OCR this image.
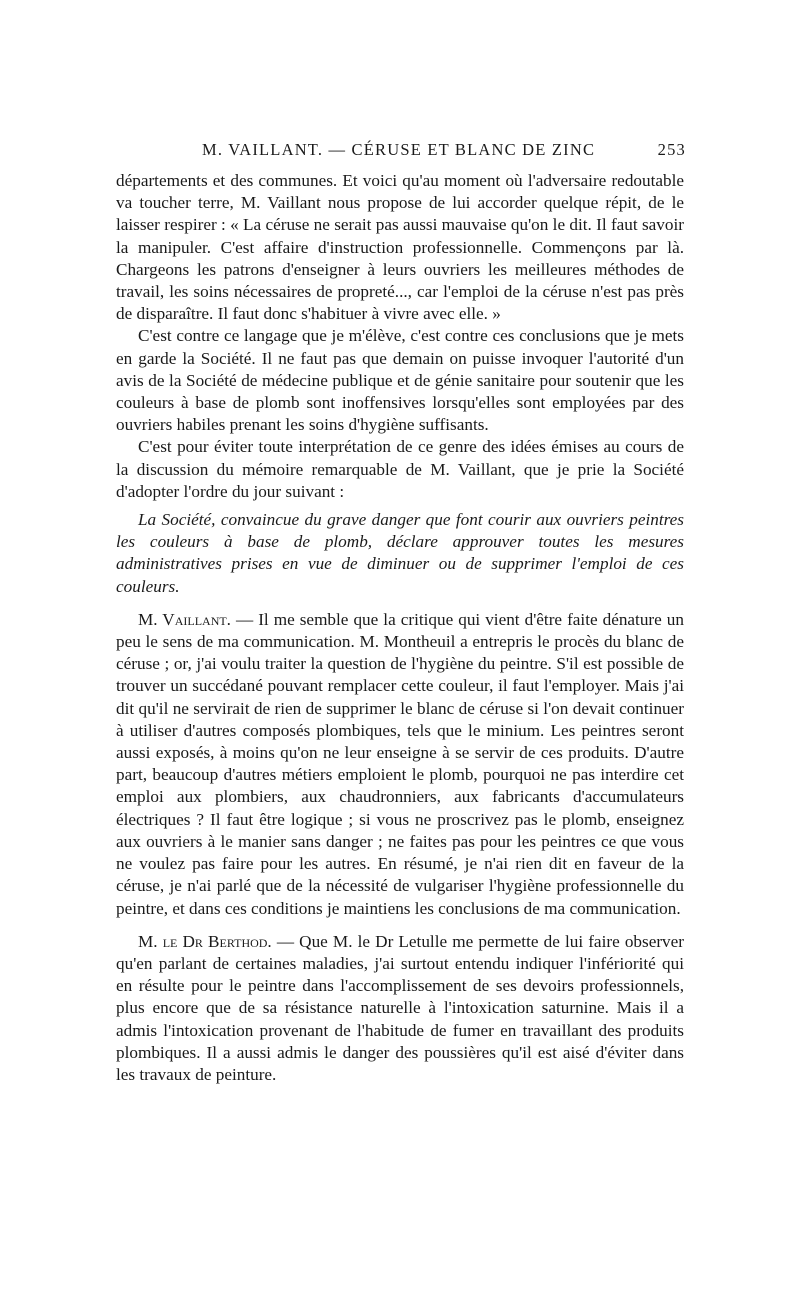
M. VAILLANT. — CÉRUSE ET BLANC DE ZINC	253

départements et des communes. Et voici qu'au moment où l'adversaire redoutable va toucher terre, M. Vaillant nous propose de lui accorder quelque répit, de le laisser respirer : « La céruse ne serait pas aussi mauvaise qu'on le dit. Il faut savoir la manipuler. C'est affaire d'instruction professionnelle. Commençons par là. Chargeons les patrons d'enseigner à leurs ouvriers les meilleures méthodes de travail, les soins nécessaires de propreté..., car l'emploi de la céruse n'est pas près de disparaître. Il faut donc s'habituer à vivre avec elle. »

C'est contre ce langage que je m'élève, c'est contre ces conclusions que je mets en garde la Société. Il ne faut pas que demain on puisse invoquer l'autorité d'un avis de la Société de médecine publique et de génie sanitaire pour soutenir que les couleurs à base de plomb sont inoffensives lorsqu'elles sont employées par des ouvriers habiles prenant les soins d'hygiène suffisants.

C'est pour éviter toute interprétation de ce genre des idées émises au cours de la discussion du mémoire remarquable de M. Vaillant, que je prie la Société d'adopter l'ordre du jour suivant :

La Société, convaincue du grave danger que font courir aux ouvriers peintres les couleurs à base de plomb, déclare approuver toutes les mesures administratives prises en vue de diminuer ou de supprimer l'emploi de ces couleurs.

M. Vaillant. — Il me semble que la critique qui vient d'être faite dénature un peu le sens de ma communication. M. Montheuil a entrepris le procès du blanc de céruse ; or, j'ai voulu traiter la question de l'hygiène du peintre. S'il est possible de trouver un succédané pouvant remplacer cette couleur, il faut l'employer. Mais j'ai dit qu'il ne servirait de rien de supprimer le blanc de céruse si l'on devait continuer à utiliser d'autres composés plombiques, tels que le minium. Les peintres seront aussi exposés, à moins qu'on ne leur enseigne à se servir de ces produits. D'autre part, beaucoup d'autres métiers emploient le plomb, pourquoi ne pas interdire cet emploi aux plombiers, aux chaudronniers, aux fabricants d'accumulateurs électriques ? Il faut être logique ; si vous ne proscrivez pas le plomb, enseignez aux ouvriers à le manier sans danger ; ne faites pas pour les peintres ce que vous ne voulez pas faire pour les autres. En résumé, je n'ai rien dit en faveur de la céruse, je n'ai parlé que de la nécessité de vulgariser l'hygiène professionnelle du peintre, et dans ces conditions je maintiens les conclusions de ma communication.

M. le Dr Berthod. — Que M. le Dr Letulle me permette de lui faire observer qu'en parlant de certaines maladies, j'ai surtout entendu indiquer l'infériorité qui en résulte pour le peintre dans l'accomplissement de ses devoirs professionnels, plus encore que de sa résistance naturelle à l'intoxication saturnine. Mais il a admis l'intoxication provenant de l'habitude de fumer en travaillant des produits plombiques. Il a aussi admis le danger des poussières qu'il est aisé d'éviter dans les travaux de peinture.
